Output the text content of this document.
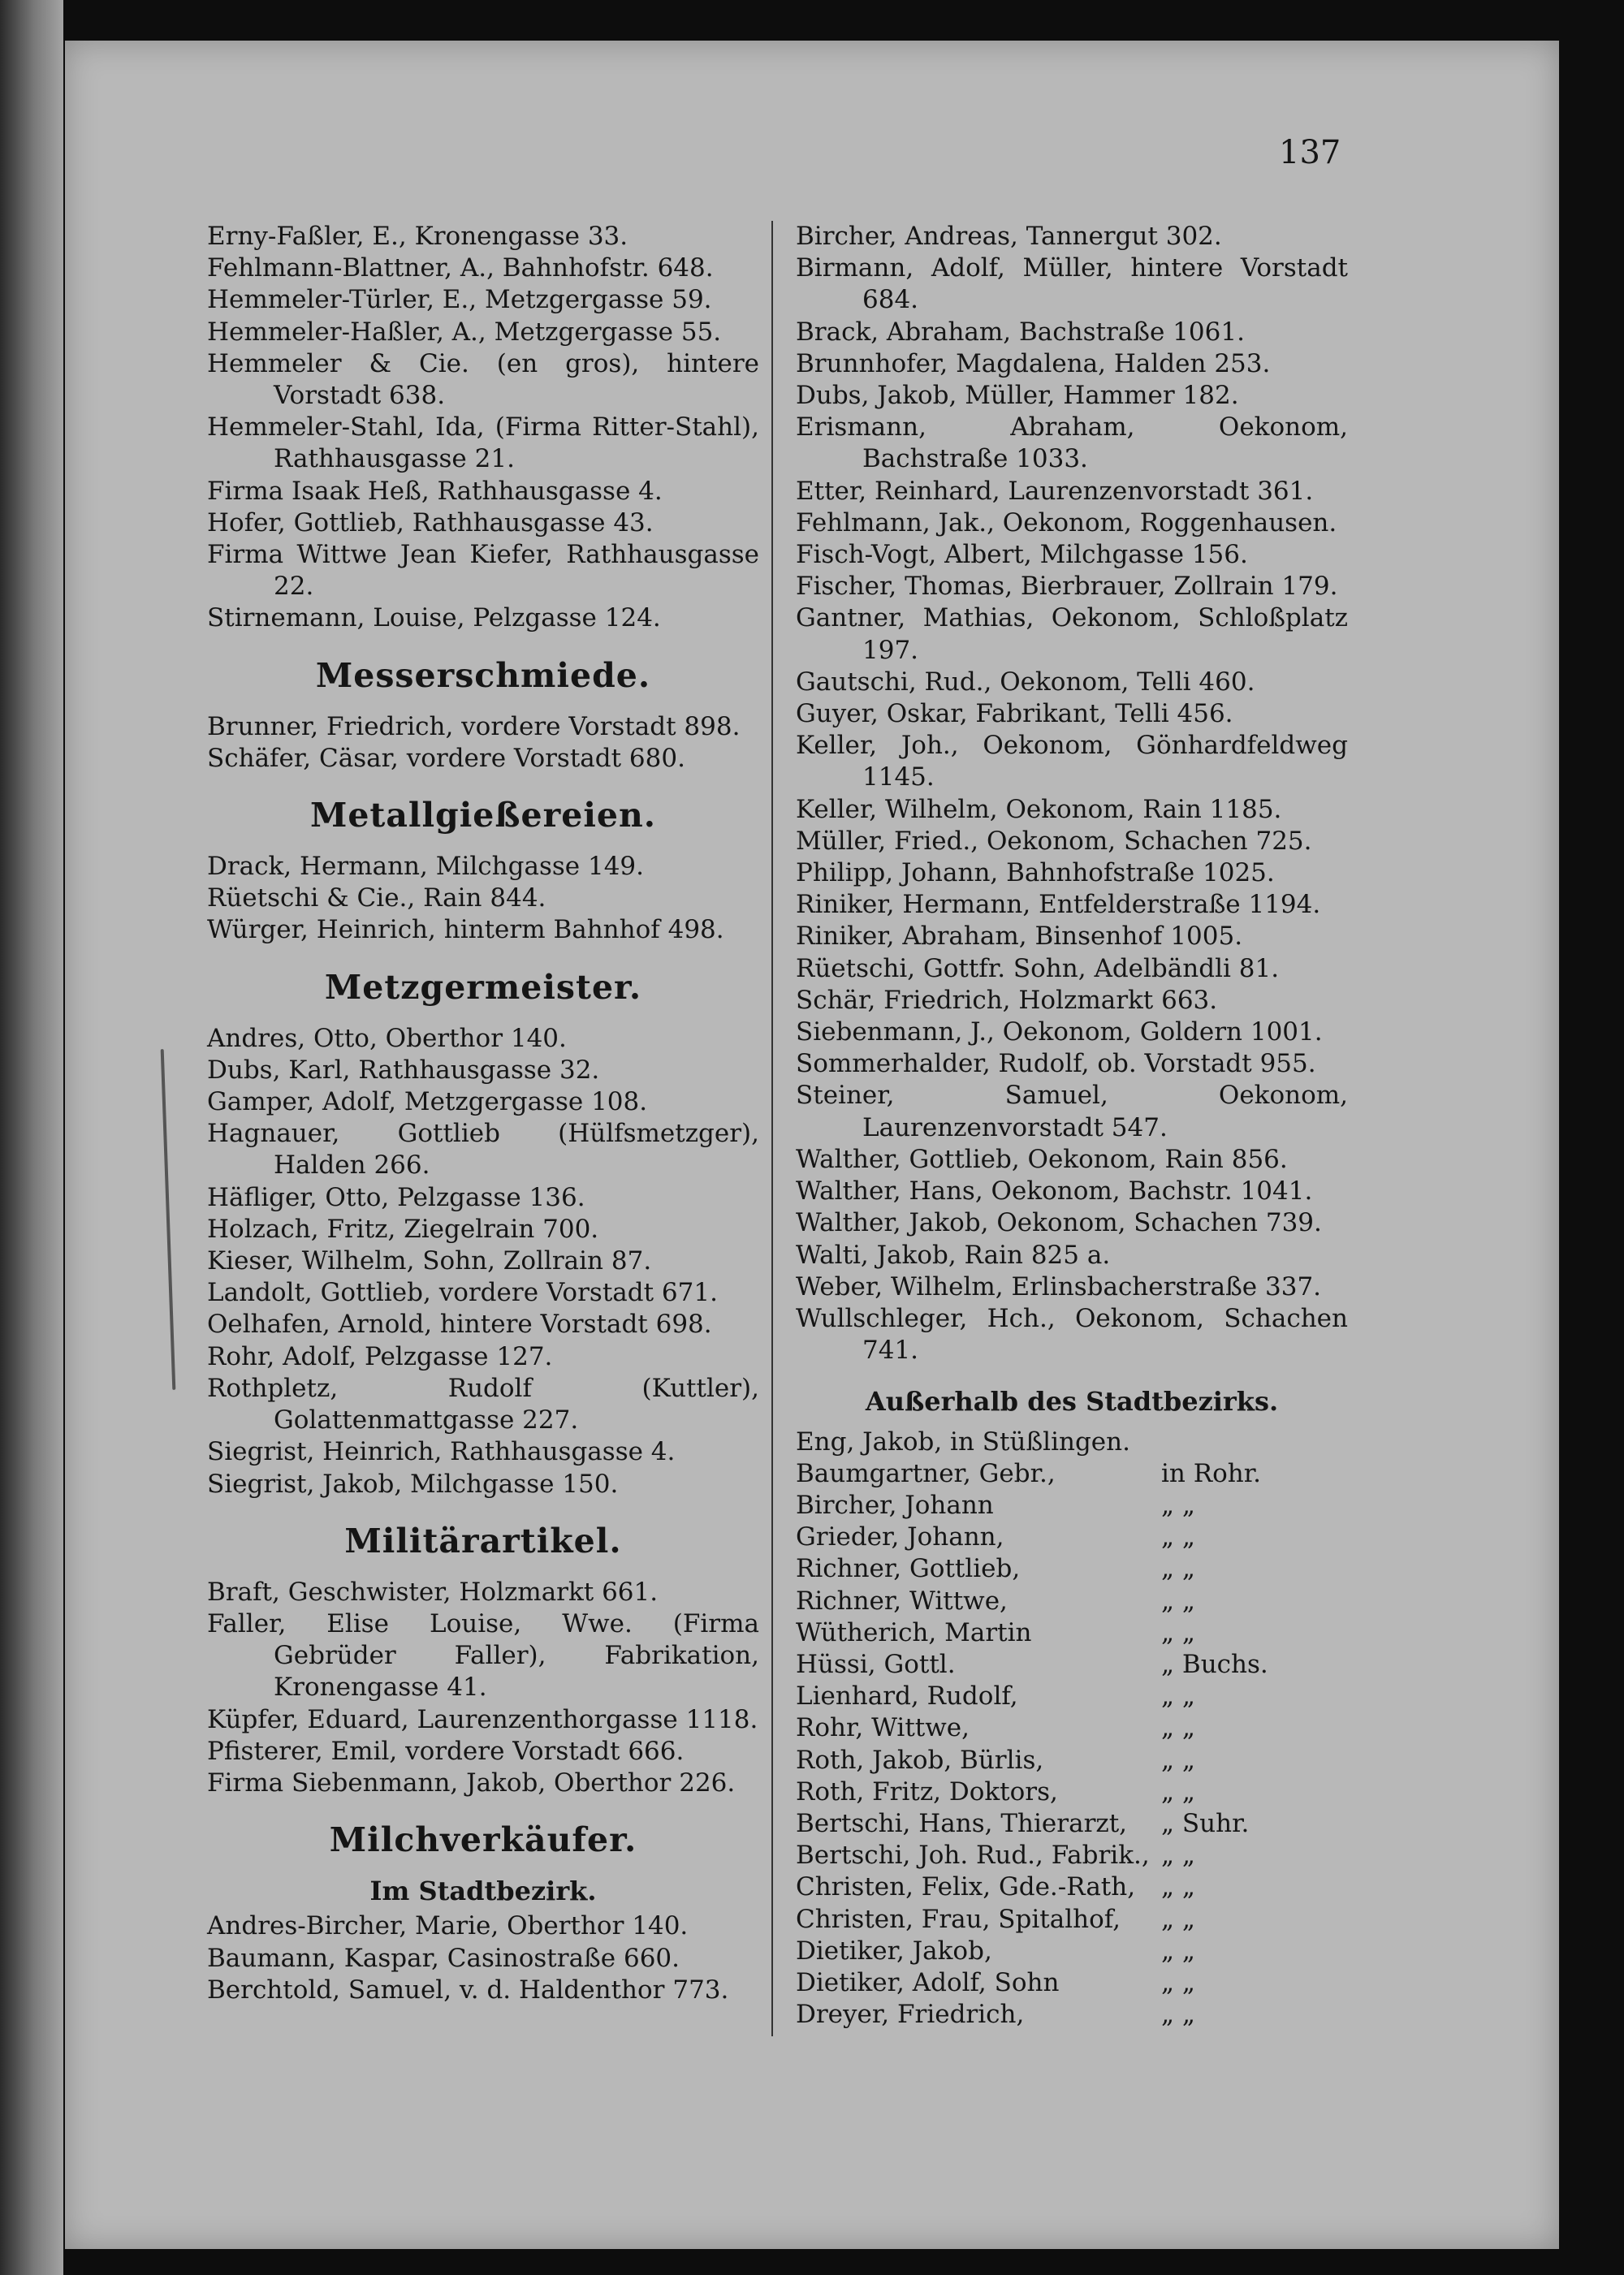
137
Erny-Faßler, E., Kronengasse 33.
Fehlmann-Blattner, A., Bahnhofstr. 648.
Hemmeler-Türler, E., Metzgergasse 59.
Hemmeler-Haßler, A., Metzgergasse 55.
Hemmeler & Cie. (en gros), hintere Vorstadt 638.
Hemmeler-Stahl, Ida, (Firma Ritter-Stahl), Rathhausgasse 21.
Firma Isaak Heß, Rathhausgasse 4.
Hofer, Gottlieb, Rathhausgasse 43.
Firma Wittwe Jean Kiefer, Rathhausgasse 22.
Stirnemann, Louise, Pelzgasse 124.
Messerschmiede.
Brunner, Friedrich, vordere Vorstadt 898.
Schäfer, Cäsar, vordere Vorstadt 680.
Metallgießereien.
Drack, Hermann, Milchgasse 149.
Rüetschi & Cie., Rain 844.
Würger, Heinrich, hinterm Bahnhof 498.
Metzgermeister.
Andres, Otto, Oberthor 140.
Dubs, Karl, Rathhausgasse 32.
Gamper, Adolf, Metzgergasse 108.
Hagnauer, Gottlieb (Hülfsmetzger), Halden 266.
Häfliger, Otto, Pelzgasse 136.
Holzach, Fritz, Ziegelrain 700.
Kieser, Wilhelm, Sohn, Zollrain 87.
Landolt, Gottlieb, vordere Vorstadt 671.
Oelhafen, Arnold, hintere Vorstadt 698.
Rohr, Adolf, Pelzgasse 127.
Rothpletz, Rudolf (Kuttler), Golattenmattgasse 227.
Siegrist, Heinrich, Rathhausgasse 4.
Siegrist, Jakob, Milchgasse 150.
Militärartikel.
Braft, Geschwister, Holzmarkt 661.
Faller, Elise Louise, Wwe. (Firma Gebrüder Faller), Fabrikation, Kronengasse 41.
Küpfer, Eduard, Laurenzenthorgasse 1118.
Pfisterer, Emil, vordere Vorstadt 666.
Firma Siebenmann, Jakob, Oberthor 226.
Milchverkäufer.
Im Stadtbezirk.
Andres-Bircher, Marie, Oberthor 140.
Baumann, Kaspar, Casinostraße 660.
Berchtold, Samuel, v. d. Haldenthor 773.
Bircher, Andreas, Tannergut 302.
Birmann, Adolf, Müller, hintere Vorstadt 684.
Brack, Abraham, Bachstraße 1061.
Brunnhofer, Magdalena, Halden 253.
Dubs, Jakob, Müller, Hammer 182.
Erismann, Abraham, Oekonom, Bachstraße 1033.
Etter, Reinhard, Laurenzenvorstadt 361.
Fehlmann, Jak., Oekonom, Roggenhausen.
Fisch-Vogt, Albert, Milchgasse 156.
Fischer, Thomas, Bierbrauer, Zollrain 179.
Gantner, Mathias, Oekonom, Schloßplatz 197.
Gautschi, Rud., Oekonom, Telli 460.
Guyer, Oskar, Fabrikant, Telli 456.
Keller, Joh., Oekonom, Gönhardfeldweg 1145.
Keller, Wilhelm, Oekonom, Rain 1185.
Müller, Fried., Oekonom, Schachen 725.
Philipp, Johann, Bahnhofstraße 1025.
Riniker, Hermann, Entfelderstraße 1194.
Riniker, Abraham, Binsenhof 1005.
Rüetschi, Gottfr. Sohn, Adelbändli 81.
Schär, Friedrich, Holzmarkt 663.
Siebenmann, J., Oekonom, Goldern 1001.
Sommerhalder, Rudolf, ob. Vorstadt 955.
Steiner, Samuel, Oekonom, Laurenzenvorstadt 547.
Walther, Gottlieb, Oekonom, Rain 856.
Walther, Hans, Oekonom, Bachstr. 1041.
Walther, Jakob, Oekonom, Schachen 739.
Walti, Jakob, Rain 825 a.
Weber, Wilhelm, Erlinsbacherstraße 337.
Wullschleger, Hch., Oekonom, Schachen 741.
Außerhalb des Stadtbezirks.
Eng, Jakob, in Stüßlingen.
Baumgartner, Gebr.,	in Rohr.
Bircher, Johann	„ „
Grieder, Johann,	„ „
Richner, Gottlieb,	„ „
Richner, Wittwe,	„ „
Wütherich, Martin	„ „
Hüssi, Gottl.	„ Buchs.
Lienhard, Rudolf,	„ „
Rohr, Wittwe,	„ „
Roth, Jakob, Bürlis,	„ „
Roth, Fritz, Doktors,	„ „
Bertschi, Hans, Thierarzt,	„ Suhr.
Bertschi, Joh. Rud., Fabrik., „ „
Christen, Felix, Gde.-Rath,	„ „
Christen, Frau, Spitalhof,	„ „
Dietiker, Jakob,	„ „
Dietiker, Adolf, Sohn	„ „
Dreyer, Friedrich,	„ „
